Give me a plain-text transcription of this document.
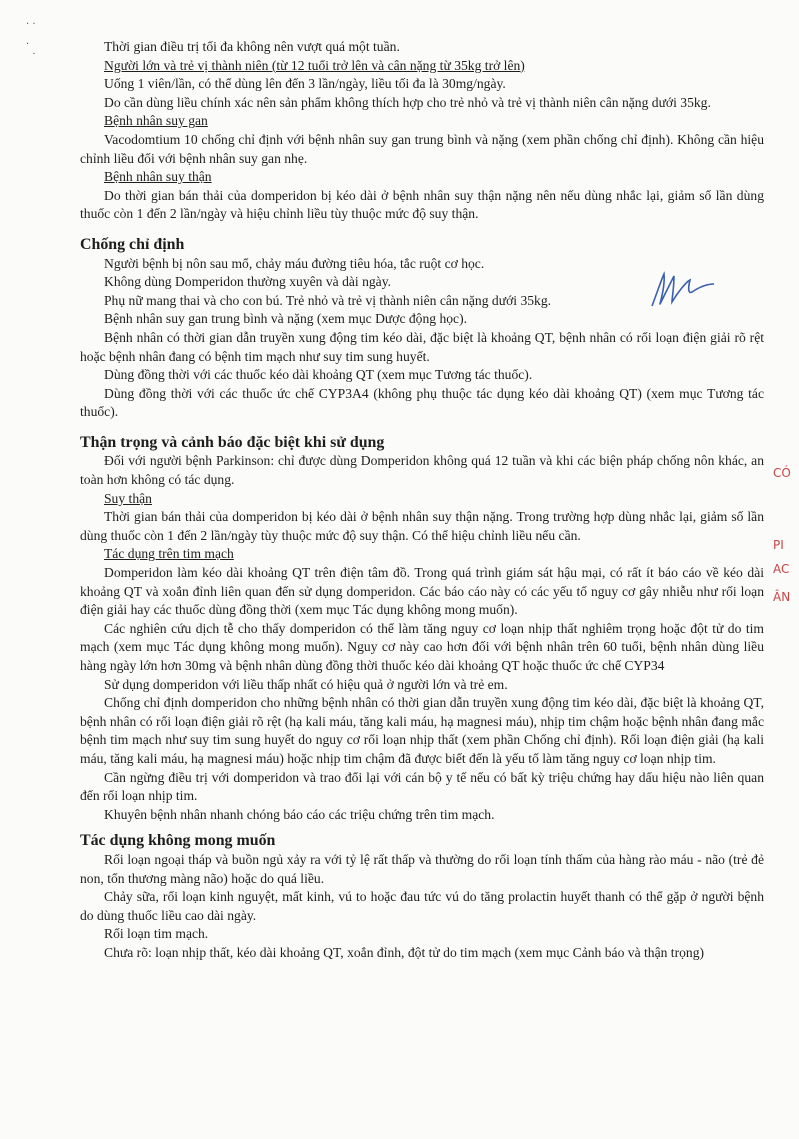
· ·

·
·
Thời gian điều trị tối đa không nên vượt quá một tuần.
Người lớn và trẻ vị thành niên (từ 12 tuổi trở lên và cân nặng từ 35kg trở lên)
Uống 1 viên/lần, có thể dùng lên đến 3 lần/ngày, liều tối đa là 30mg/ngày.
Do cần dùng liều chính xác nên sản phẩm không thích hợp cho trẻ nhỏ và trẻ vị thành niên cân nặng dưới 35kg.
Bệnh nhân suy gan
Vacodomtium 10 chống chỉ định với bệnh nhân suy gan trung bình và nặng (xem phần chống chỉ định). Không cần hiệu chỉnh liều đối với bệnh nhân suy gan nhẹ.
Bệnh nhân suy thận
Do thời gian bán thải của domperidon bị kéo dài ở bệnh nhân suy thận nặng nên nếu dùng nhắc lại, giảm số lần dùng thuốc còn 1 đến 2 lần/ngày và hiệu chỉnh liều tùy thuộc mức độ suy thận.
Chống chỉ định
Người bệnh bị nôn sau mổ, chảy máu đường tiêu hóa, tắc ruột cơ học.
Không dùng Domperidon thường xuyên và dài ngày.
Phụ nữ mang thai và cho con bú. Trẻ nhỏ và trẻ vị thành niên cân nặng dưới 35kg.
Bệnh nhân suy gan trung bình và nặng (xem mục Dược động học).
Bệnh nhân có thời gian dẫn truyền xung động tim kéo dài, đặc biệt là khoảng QT, bệnh nhân có rối loạn điện giải rõ rệt hoặc bệnh nhân đang có bệnh tim mạch như suy tim sung huyết.
Dùng đồng thời với các thuốc kéo dài khoảng QT (xem mục Tương tác thuốc).
Dùng đồng thời với các thuốc ức chế CYP3A4 (không phụ thuộc tác dụng kéo dài khoảng QT) (xem mục Tương tác thuốc).
Thận trọng và cảnh báo đặc biệt khi sử dụng
Đối với người bệnh Parkinson: chỉ được dùng Domperidon không quá 12 tuần và khi các biện pháp chống nôn khác, an toàn hơn không có tác dụng.
Suy thận
Thời gian bán thải của domperidon bị kéo dài ở bệnh nhân suy thận nặng. Trong trường hợp dùng nhắc lại, giảm số lần dùng thuốc còn 1 đến 2 lần/ngày tùy thuộc mức độ suy thận. Có thể hiệu chỉnh liều nếu cần.
Tác dụng trên tim mạch
Domperidon làm kéo dài khoảng QT trên điện tâm đồ. Trong quá trình giám sát hậu mại, có rất ít báo cáo về kéo dài khoảng QT và xoắn đỉnh liên quan đến sử dụng domperidon. Các báo cáo này có các yếu tố nguy cơ gây nhiễu như rối loạn điện giải hay các thuốc dùng đồng thời (xem mục Tác dụng không mong muốn).
Các nghiên cứu dịch tễ cho thấy domperidon có thể làm tăng nguy cơ loạn nhịp thất nghiêm trọng hoặc đột tử do tim mạch (xem mục Tác dụng không mong muốn). Nguy cơ này cao hơn đối với bệnh nhân trên 60 tuổi, bệnh nhân dùng liều hàng ngày lớn hơn 30mg và bệnh nhân dùng đồng thời thuốc kéo dài khoảng QT hoặc thuốc ức chế CYP34
Sử dụng domperidon với liều thấp nhất có hiệu quả ở người lớn và trẻ em.
Chống chỉ định domperidon cho những bệnh nhân có thời gian dẫn truyền xung động tim kéo dài, đặc biệt là khoảng QT, bệnh nhân có rối loạn điện giải rõ rệt (hạ kali máu, tăng kali máu, hạ magnesi máu), nhịp tim chậm hoặc bệnh nhân đang mắc bệnh tim mạch như suy tim sung huyết do nguy cơ rối loạn nhịp thất (xem phần Chống chỉ định). Rối loạn điện giải (hạ kali máu, tăng kali máu, hạ magnesi máu) hoặc nhịp tim chậm đã được biết đến là yếu tố làm tăng nguy cơ loạn nhịp tim.
Cần ngừng điều trị với domperidon và trao đổi lại với cán bộ y tế nếu có bất kỳ triệu chứng hay dấu hiệu nào liên quan đến rối loạn nhịp tim.
Khuyên bệnh nhân nhanh chóng báo cáo các triệu chứng trên tim mạch.
Tác dụng không mong muốn
Rối loạn ngoại tháp và buồn ngủ xảy ra với tỷ lệ rất thấp và thường do rối loạn tính thấm của hàng rào máu - não (trẻ đẻ non, tổn thương màng não) hoặc do quá liều.
Chảy sữa, rối loạn kinh nguyệt, mất kinh, vú to hoặc đau tức vú do tăng prolactin huyết thanh có thể gặp ở người bệnh do dùng thuốc liều cao dài ngày.
Rối loạn tim mạch.
Chưa rõ: loạn nhịp thất, kéo dài khoảng QT, xoắn đỉnh, đột tử do tim mạch (xem mục Cảnh báo và thận trọng)
CÓ
PI
AC
ÂN
